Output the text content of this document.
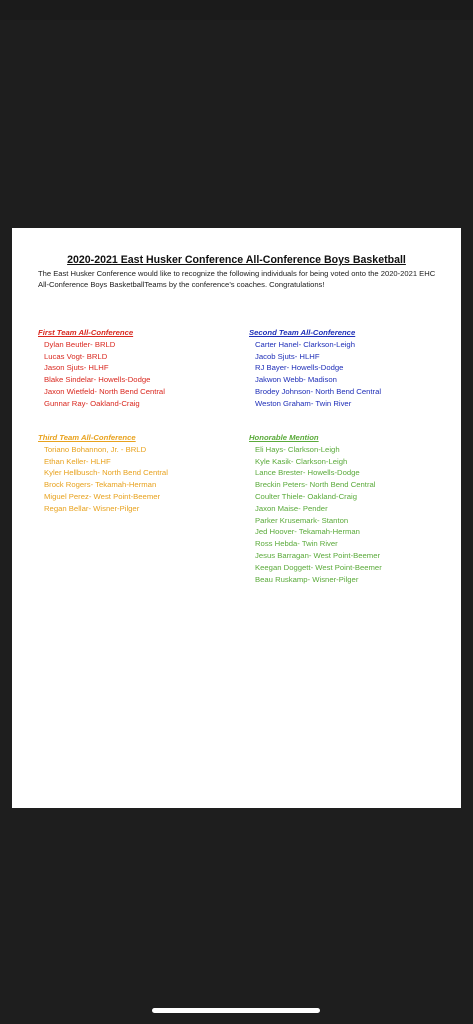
2020-2021 East Husker Conference All-Conference Boys Basketball
The East Husker Conference would like to recognize the following individuals for being voted onto the 2020-2021 EHC All-Conference Boys BasketballTeams by the conference’s coaches. Congratulations!
First Team All-Conference
Dylan Beutler- BRLD
Lucas Vogt- BRLD
Jason Sjuts- HLHF
Blake Sindelar- Howells-Dodge
Jaxon Wietfeld- North Bend Central
Gunnar Ray- Oakland-Craig
Second Team All-Conference
Carter Hanel- Clarkson-Leigh
Jacob Sjuts- HLHF
RJ Bayer- Howells-Dodge
Jakwon Webb- Madison
Brodey Johnson- North Bend Central
Weston Graham- Twin River
Third Team All-Conference
Toriano Bohannon, Jr. - BRLD
Ethan Keller- HLHF
Kyler Hellbusch- North Bend Central
Brock Rogers- Tekamah-Herman
Miguel Perez- West Point-Beemer
Regan Bellar- Wisner-Pilger
Honorable Mention
Eli Hays- Clarkson-Leigh
Kyle Kasik- Clarkson-Leigh
Lance Brester- Howells-Dodge
Breckin Peters- North Bend Central
Coulter Thiele- Oakland-Craig
Jaxon Maise- Pender
Parker Krusemark- Stanton
Jed Hoover- Tekamah-Herman
Ross Hebda- Twin River
Jesus Barragan- West Point-Beemer
Keegan Doggett- West Point-Beemer
Beau Ruskamp- Wisner-Pilger
